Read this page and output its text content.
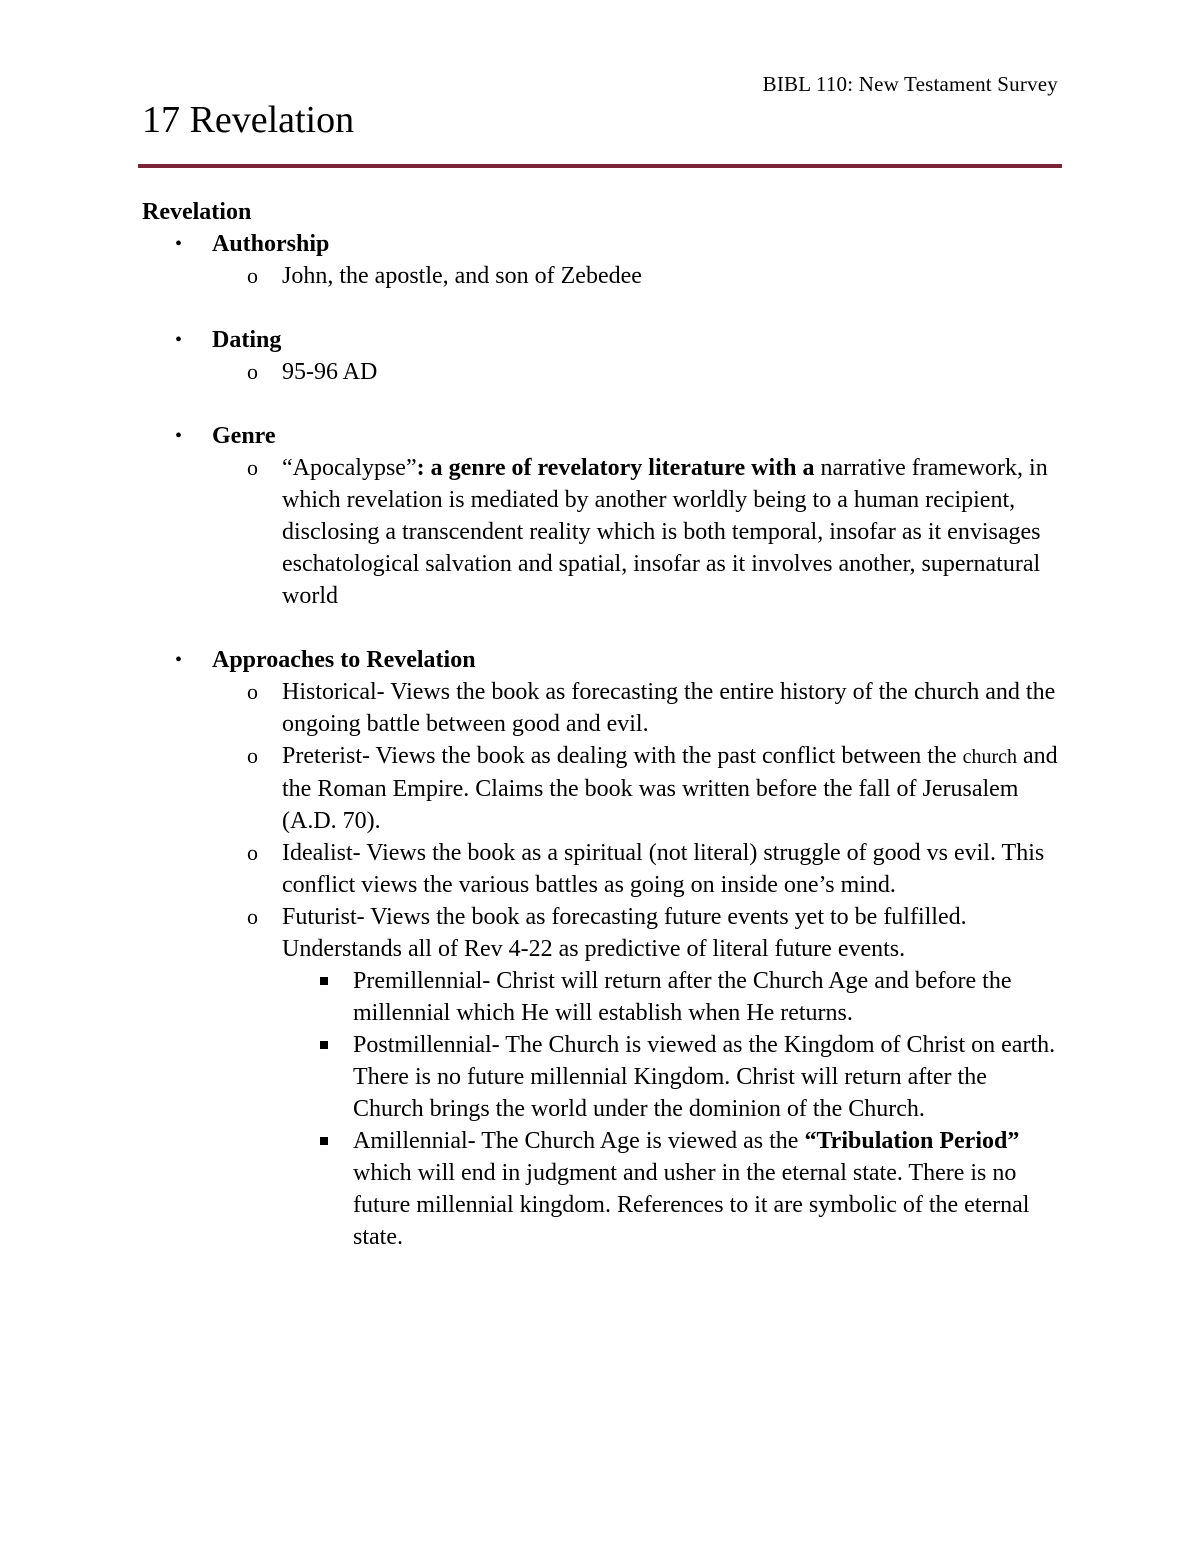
BIBL 110: New Testament Survey
17 Revelation
Revelation
• Authorship
o John, the apostle, and son of Zebedee
• Dating
o 95-96 AD
• Genre
o “Apocalypse”: a genre of revelatory literature with a narrative framework, in which revelation is mediated by another worldly being to a human recipient, disclosing a transcendent reality which is both temporal, insofar as it envisages eschatological salvation and spatial, insofar as it involves another, supernatural world
• Approaches to Revelation
o Historical- Views the book as forecasting the entire history of the church and the ongoing battle between good and evil.
o Preterist- Views the book as dealing with the past conflict between the church and the Roman Empire. Claims the book was written before the fall of Jerusalem (A.D. 70).
o Idealist- Views the book as a spiritual (not literal) struggle of good vs evil. This conflict views the various battles as going on inside one’s mind.
o Futurist- Views the book as forecasting future events yet to be fulfilled. Understands all of Rev 4-22 as predictive of literal future events.
Premillennial- Christ will return after the Church Age and before the millennial which He will establish when He returns.
Postmillennial- The Church is viewed as the Kingdom of Christ on earth. There is no future millennial Kingdom. Christ will return after the Church brings the world under the dominion of the Church.
Amillennial- The Church Age is viewed as the “Tribulation Period” which will end in judgment and usher in the eternal state. There is no future millennial kingdom. References to it are symbolic of the eternal state.
